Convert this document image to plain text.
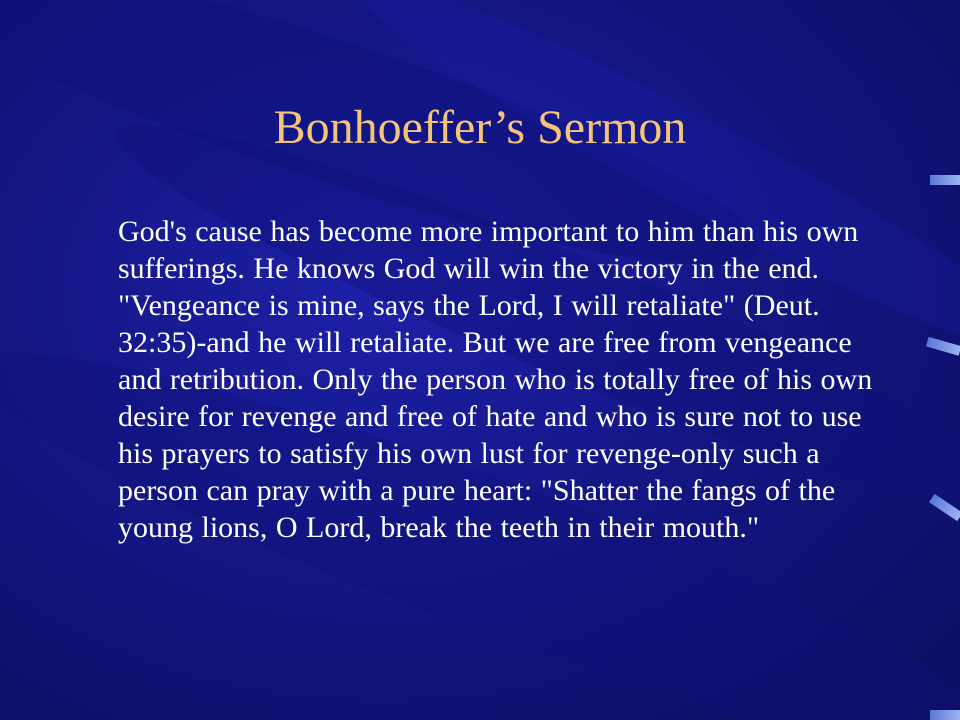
Bonhoeffer’s Sermon

God's cause has become more important to him than his own sufferings. He knows God will win the victory in the end. "Vengeance is mine, says the Lord, I will retaliate" (Deut. 32:35)-and he will retaliate. But we are free from vengeance and retribution. Only the person who is totally free of his own desire for revenge and free of hate and who is sure not to use his prayers to satisfy his own lust for revenge-only such a person can pray with a pure heart: "Shatter the fangs of the young lions, O Lord, break the teeth in their mouth."
